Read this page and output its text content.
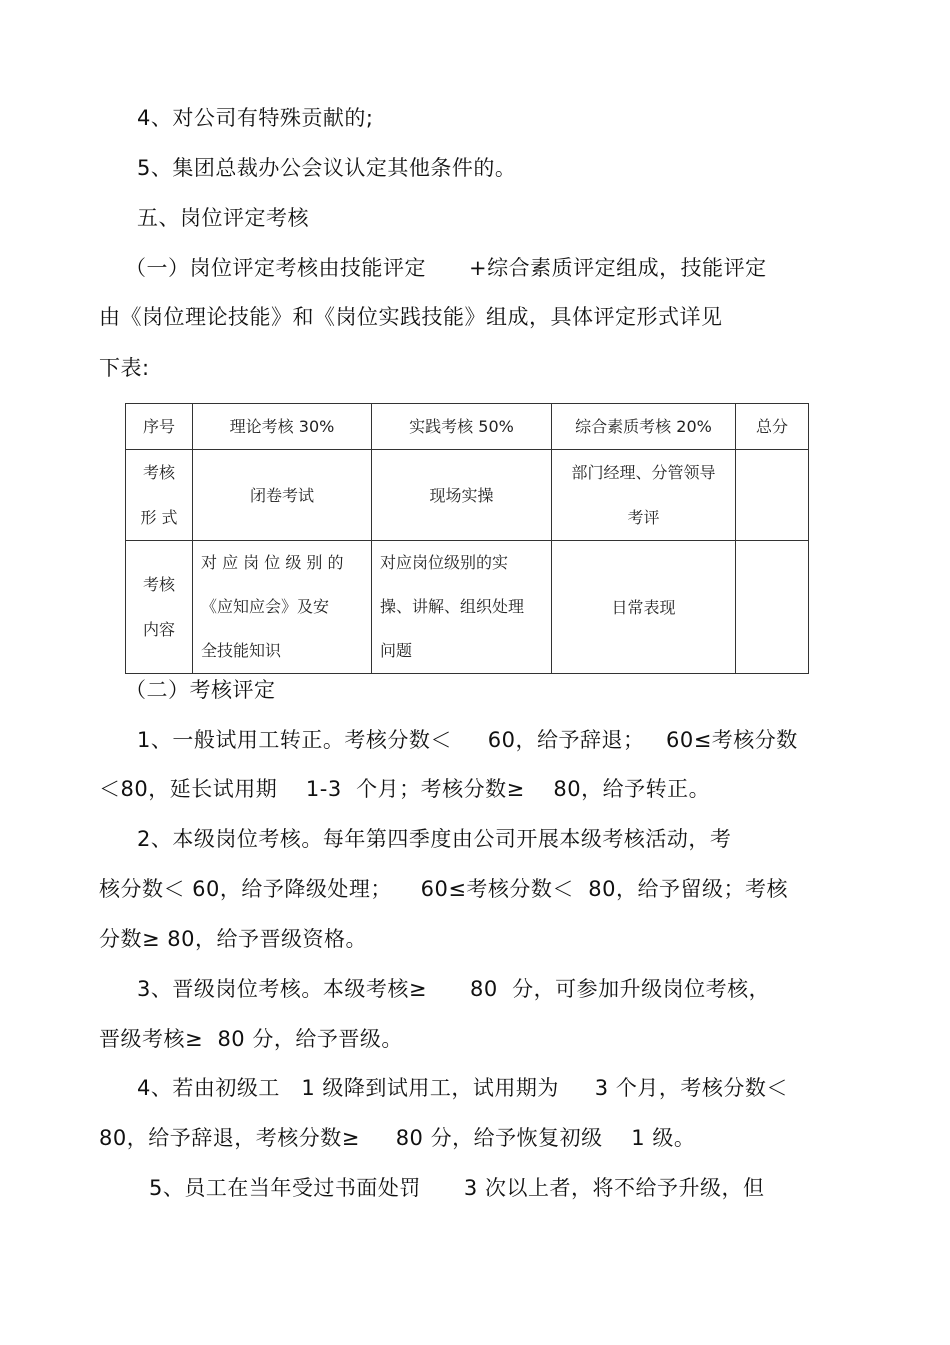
4、对公司有特殊贡献的;
5、集团总裁办公会议认定其他条件的。
五、岗位评定考核
（一）岗位评定考核由技能评定      +综合素质评定组成，技能评定
由《岗位理论技能》和《岗位实践技能》组成，具体评定形式详见
下表:
序号	理论考核 30%	实践考核 50%	综合素质考核 20%	总分

考核
形 式	闭卷考试	现场实操	部门经理、分管领导
考评	

考核
内容	对 应 岗 位 级 别 的
《应知应会》及安
全技能知识	对应岗位级别的实
操、讲解、组织处理
问题	日常表现	
（二）考核评定
1、一般试用工转正。考核分数＜     60，给予辞退；   60≤考核分数
＜80，延长试用期    1-3  个月；考核分数≥    80，给予转正。
2、本级岗位考核。每年第四季度由公司开展本级考核活动，考
核分数＜ 60，给予降级处理；    60≤考核分数＜  80，给予留级；考核
分数≥ 80，给予晋级资格。
3、晋级岗位考核。本级考核≥      80  分，可参加升级岗位考核，
晋级考核≥  80 分，给予晋级。
4、若由初级工   1 级降到试用工，试用期为     3 个月，考核分数＜
80，给予辞退，考核分数≥     80 分，给予恢复初级    1 级。
5、员工在当年受过书面处罚      3 次以上者，将不给予升级，但
